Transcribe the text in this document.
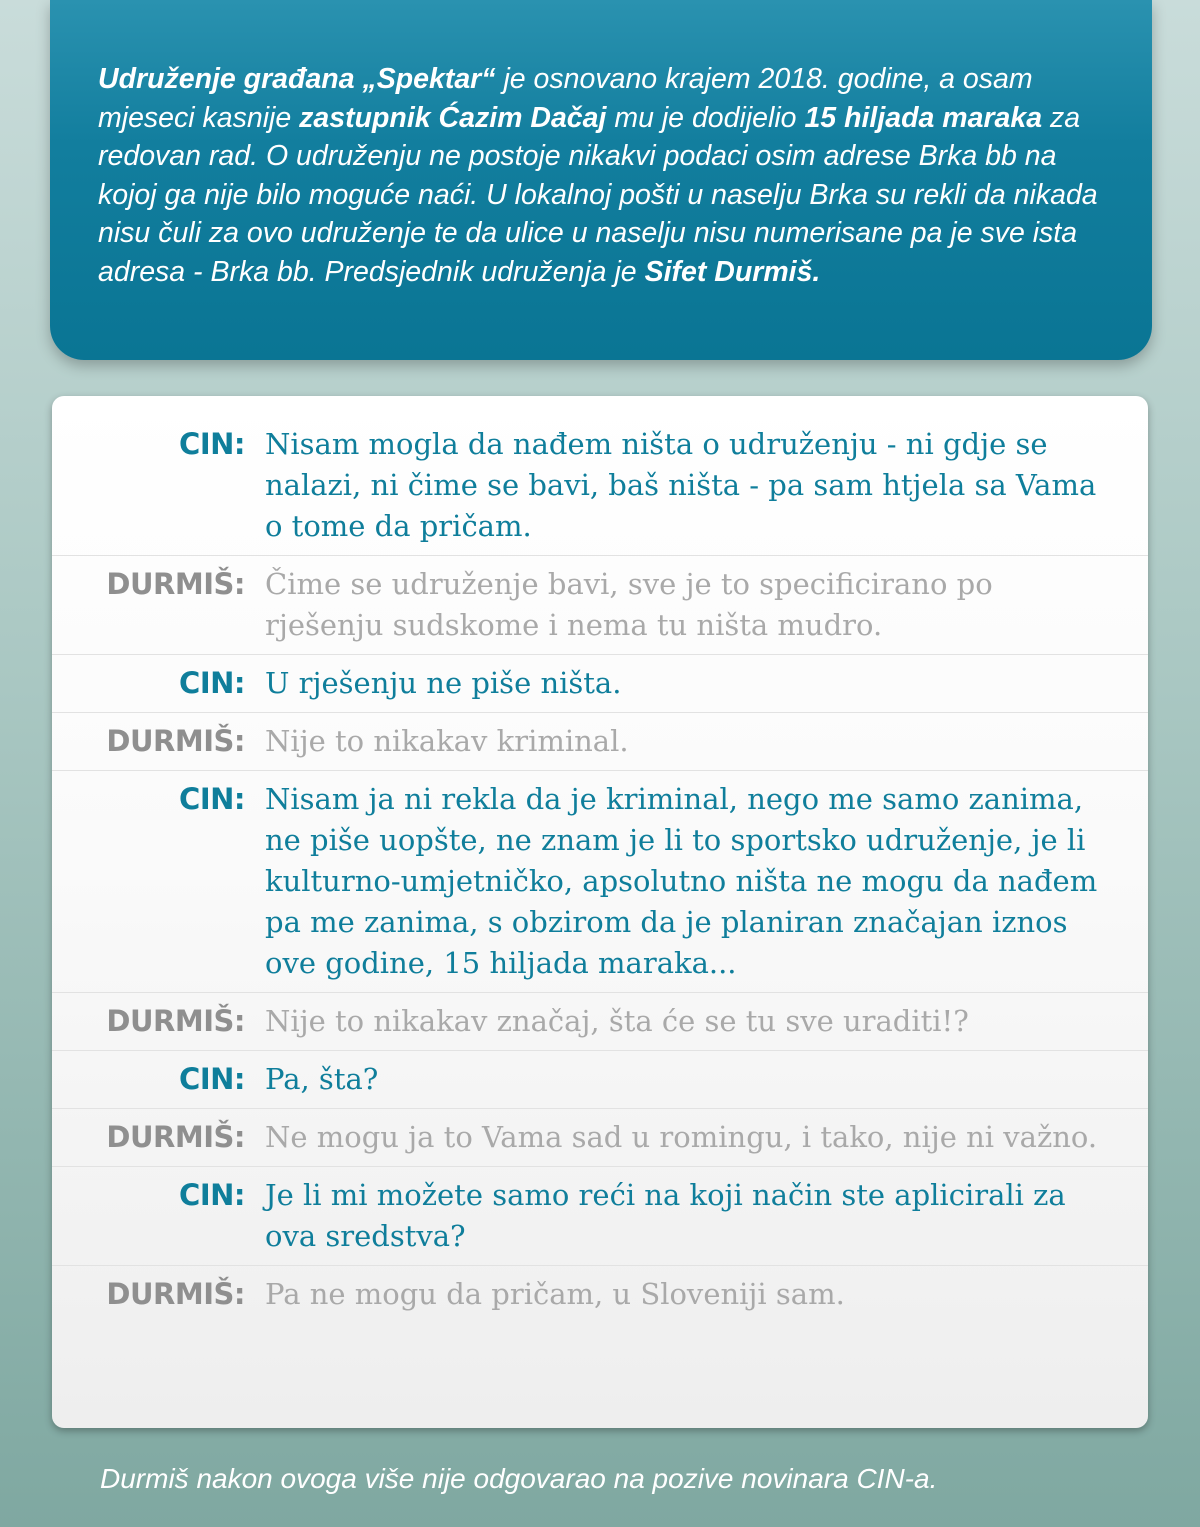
Udruženje građana „Spektar“ je osnovano krajem 2018. godine, a osam mjeseci kasnije zastupnik Ćazim Dačaj mu je dodijelio 15 hiljada maraka za redovan rad. O udruženju ne postoje nikakvi podaci osim adrese Brka bb na kojoj ga nije bilo moguće naći. U lokalnoj pošti u naselju Brka su rekli da nikada nisu čuli za ovo udruženje te da ulice u naselju nisu numerisane pa je sve ista adresa - Brka bb. Predsjednik udruženja je Sifet Durmiš.
CIN: Nisam mogla da nađem ništa o udruženju - ni gdje se nalazi, ni čime se bavi, baš ništa - pa sam htjela sa Vama o tome da pričam.
DURMIŠ: Čime se udruženje bavi, sve je to specificirano po rješenju sudskome i nema tu ništa mudro.
CIN: U rješenju ne piše ništa.
DURMIŠ: Nije to nikakav kriminal.
CIN: Nisam ja ni rekla da je kriminal, nego me samo zanima, ne piše uopšte, ne znam je li to sportsko udruženje, je li kulturno-umjetničko, apsolutno ništa ne mogu da nađem pa me zanima, s obzirom da je planiran značajan iznos ove godine, 15 hiljada maraka...
DURMIŠ: Nije to nikakav značaj, šta će se tu sve uraditi!?
CIN: Pa, šta?
DURMIŠ: Ne mogu ja to Vama sad u romingu, i tako, nije ni važno.
CIN: Je li mi možete samo reći na koji način ste aplicirali za ova sredstva?
DURMIŠ: Pa ne mogu da pričam, u Sloveniji sam.
Durmiš nakon ovoga više nije odgovarao na pozive novinara CIN-a.
